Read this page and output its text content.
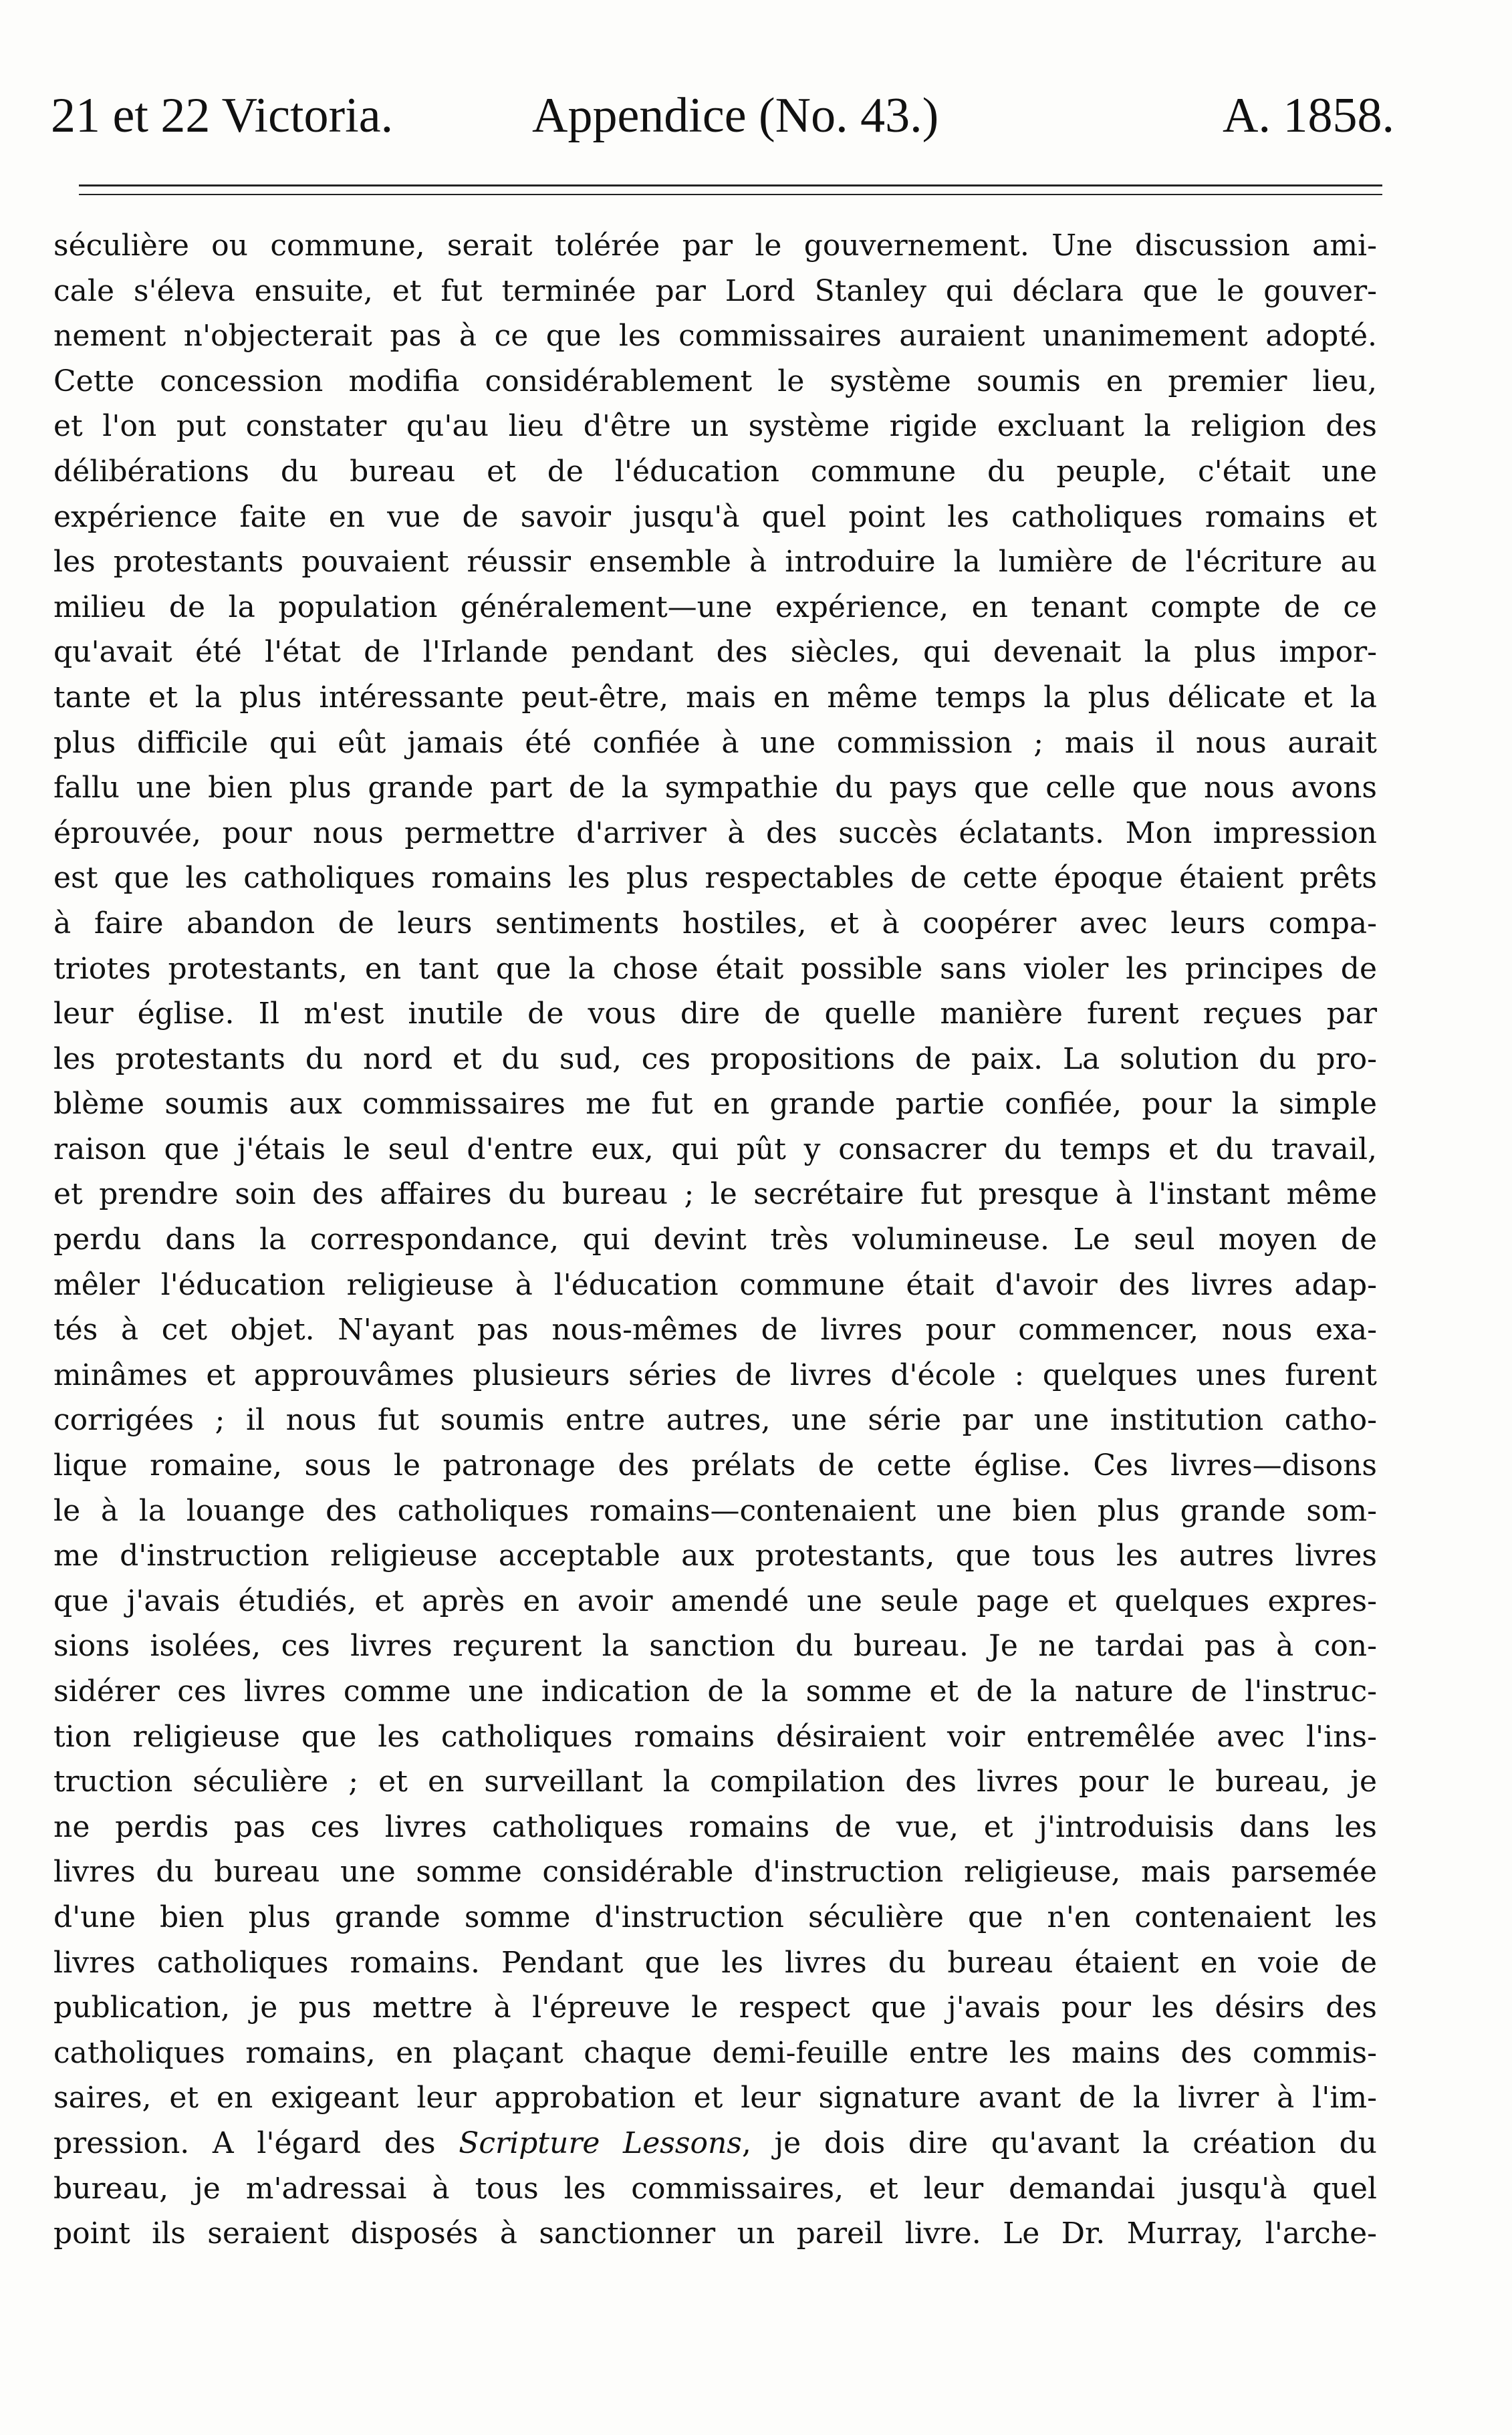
21 et 22 Victoria.	Appendice (No. 43.)	A. 1858.
séculière ou commune, serait tolérée par le gouvernement. Une discussion ami-
cale s'éleva ensuite, et fut terminée par Lord Stanley qui déclara que le gouver-
nement n'objecterait pas à ce que les commissaires auraient unanimement adopté.
Cette concession modifia considérablement le système soumis en premier lieu,
et l'on put constater qu'au lieu d'être un système rigide excluant la religion des
délibérations du bureau et de l'éducation commune du peuple, c'était une
expérience faite en vue de savoir jusqu'à quel point les catholiques romains et
les protestants pouvaient réussir ensemble à introduire la lumière de l'écriture au
milieu de la population généralement—une expérience, en tenant compte de ce
qu'avait été l'état de l'Irlande pendant des siècles, qui devenait la plus impor-
tante et la plus intéressante peut-être, mais en même temps la plus délicate et la
plus difficile qui eût jamais été confiée à une commission ; mais il nous aurait
fallu une bien plus grande part de la sympathie du pays que celle que nous avons
éprouvée, pour nous permettre d'arriver à des succès éclatants. Mon impression
est que les catholiques romains les plus respectables de cette époque étaient prêts
à faire abandon de leurs sentiments hostiles, et à coopérer avec leurs compa-
triotes protestants, en tant que la chose était possible sans violer les principes de
leur église. Il m'est inutile de vous dire de quelle manière furent reçues par
les protestants du nord et du sud, ces propositions de paix. La solution du pro-
blème soumis aux commissaires me fut en grande partie confiée, pour la simple
raison que j'étais le seul d'entre eux, qui pût y consacrer du temps et du travail,
et prendre soin des affaires du bureau ; le secrétaire fut presque à l'instant même
perdu dans la correspondance, qui devint très volumineuse. Le seul moyen de
mêler l'éducation religieuse à l'éducation commune était d'avoir des livres adap-
tés à cet objet. N'ayant pas nous-mêmes de livres pour commencer, nous exa-
minâmes et approuvâmes plusieurs séries de livres d'école : quelques unes furent
corrigées ; il nous fut soumis entre autres, une série par une institution catho-
lique romaine, sous le patronage des prélats de cette église. Ces livres—disons
le à la louange des catholiques romains—contenaient une bien plus grande som-
me d'instruction religieuse acceptable aux protestants, que tous les autres livres
que j'avais étudiés, et après en avoir amendé une seule page et quelques expres-
sions isolées, ces livres reçurent la sanction du bureau. Je ne tardai pas à con-
sidérer ces livres comme une indication de la somme et de la nature de l'instruc-
tion religieuse que les catholiques romains désiraient voir entremêlée avec l'ins-
truction séculière ; et en surveillant la compilation des livres pour le bureau, je
ne perdis pas ces livres catholiques romains de vue, et j'introduisis dans les
livres du bureau une somme considérable d'instruction religieuse, mais parsemée
d'une bien plus grande somme d'instruction séculière que n'en contenaient les
livres catholiques romains. Pendant que les livres du bureau étaient en voie de
publication, je pus mettre à l'épreuve le respect que j'avais pour les désirs des
catholiques romains, en plaçant chaque demi-feuille entre les mains des commis-
saires, et en exigeant leur approbation et leur signature avant de la livrer à l'im-
pression. A l'égard des Scripture Lessons, je dois dire qu'avant la création du
bureau, je m'adressai à tous les commissaires, et leur demandai jusqu'à quel
point ils seraient disposés à sanctionner un pareil livre. Le Dr. Murray, l'arche-
